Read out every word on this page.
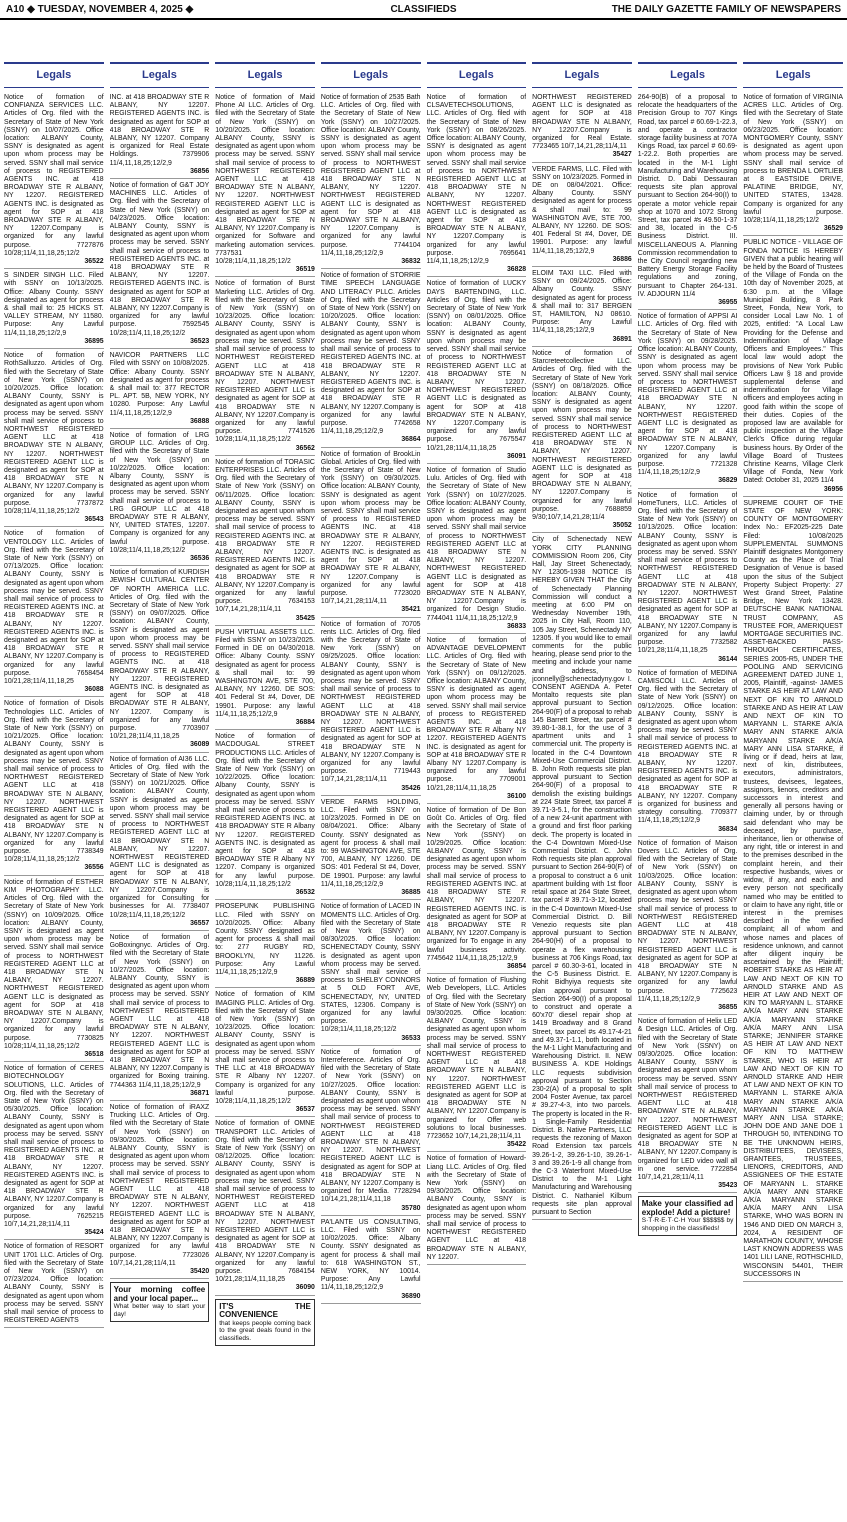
A10 ◆ TUESDAY, NOVEMBER 4, 2025 ◆	CLASSIFIEDS	THE DAILY GAZETTE FAMILY OF NEWSPAPERS
Legals	Legals	Legals	Legals	Legals	Legals	Legals	Legals

Notice of formation of CONFIANZA SERVICES LLC. Articles of Org. filed with the Secretary of State of New York (SSNY) on 10/07/2025. Office location: ALBANY County, SSNY is designated as agent upon whom process may be served. SSNY shall mail service of process to REGISTERED AGENTS INC. at 418 BROADWAY STE R ALBANY, NY 12207. REGISTERED AGENTS INC. is designated as agent for SOP at 418 BROADWAY STE R ALBANY, NY 12207.Company is organized for any lawful purpose. 7727876 10/28;11/4,11,18,25;12/2

36522

S SINDER SINGH LLC. Filed with SSNY on 10/13/2025. Office: Albany County. SSNY designated as agent for process & shall mail to: 25 HICKS ST. VALLEY STREAM, NY 11580. Purpose: Any Lawful 11/4,11,18,25;12/2,9

36895

Notice of formation of RothSalluzzo. Articles of Org. filed with the Secretary of State of New York (SSNY) on 10/20/2025. Office location: ALBANY County, SSNY is designated as agent upon whom process may be served. SSNY shall mail service of process to NORTHWEST REGISTERED AGENT LLC at 418 BROADWAY STE N ALBANY, NY 12207. NORTHWEST REGISTERED AGENT LLC is designated as agent for SOP at 418 BROADWAY STE N ALBANY, NY 12207.Company is organized for any lawful purpose. 7737872 10/28;11/4,11,18,25;12/2

36543

Notice of formation of VENTOLOGY LLC. Articles of Org. filed with the Secretary of State of New York (SSNY) on 07/13/2025. Office location: ALBANY County, SSNY is designated as agent upon whom process may be served. SSNY shall mail service of process to REGISTERED AGENTS INC. at 418 BROADWAY STE R ALBANY, NY 12207. REGISTERED AGENTS INC. is designated as agent for SOP at 418 BROADWAY STE R ALBANY, NY 12207.Company is organized for any lawful purpose. 7658454 10/21,28;11/4,11,18,25

36088

Notice of formation of Disols Technologies LLC. Articles of Org. filed with the Secretary of State of New York (SSNY) on 10/21/2025. Office location: ALBANY County, SSNY is designated as agent upon whom process may be served. SSNY shall mail service of process to NORTHWEST REGISTERED AGENT LLC at 418 BROADWAY STE N ALBANY, NY 12207. NORTHWEST REGISTERED AGENT LLC is designated as agent for SOP at 418 BROADWAY STE N ALBANY, NY 12207.Company is organized for any lawful purpose. 7738349 10/28;11/4,11,18,25;12/2

36556

Notice of formation of ESTHER KIM PHOTOGRAPHY LLC. Articles of Org. filed with the Secretary of State of New York (SSNY) on 10/09/2025. Office location: ALBANY County, SSNY is designated as agent upon whom process may be served. SSNY shall mail service of process to NORTHWEST REGISTERED AGENT LLC at 418 BROADWAY STE N ALBANY, NY 12207. NORTHWEST REGISTERED AGENT LLC is designated as agent for SOP at 418 BROADWAY STE N ALBANY, NY 12207.Company is organized for any lawful purpose. 7730825 10/28;11/4,11,18,25;12/2

36518

Notice of formation of CERES BIOTECHNOLOGY SOLUTIONS, LLC. Articles of Org. filed with the Secretary of State of New York (SSNY) on 05/30/2025. Office location: ALBANY County, SSNY is designated as agent upon whom process may be served. SSNY shall mail service of process to REGISTERED AGENTS INC. at 418 BROADWAY STE R ALBANY, NY 12207. REGISTERED AGENTS INC. is designated as agent for SOP at 418 BROADWAY STE R ALBANY, NY 12207.Company is organized for any lawful purpose. 7625215 10/7,14,21,28;11/4,11

35424

Notice of formation of RESORT UNIT 1701 LLC. Articles of Org. filed with the Secretary of State of New York (SSNY) on 07/23/2024. Office location: ALBANY County, SSNY is designated as agent upon whom process may be served. SSNY shall mail service of process to REGISTERED AGENTS

INC. at 418 BROADWAY STE R ALBANY, NY 12207. REGISTERED AGENTS INC. is designated as agent for SOP at 418 BROADWAY STE R ALBANY, NY 12207. Company is organized for Real Estate Holdings. 7379906 11/4,11,18,25;12/2,9

36856

Notice of formation of G&T JOY MACHINES LLC. Articles of Org. filed with the Secretary of State of New York (SSNY) on 04/23/2025. Office location: ALBANY County, SSNY is designated as agent upon whom process may be served. SSNY shall mail service of process to REGISTERED AGENTS INC. at 418 BROADWAY STE R ALBANY, NY 12207. REGISTERED AGENTS INC. is designated as agent for SOP at 418 BROADWAY STE R ALBANY, NY 12207.Company is organized for any lawful purpose. 7592545 10/28;11/4,11,18,25;12/2

36523

NAVICOR PARTNERS LLC Filed with SSNY on 10/08/2025. Office: Albany County. SSNY designated as agent for process & shall mail to: 377 RECTOR PL. APT. 5B, NEW YORK, NY 10280. Purpose: Any Lawful 11/4,11,18,25;12/2,9

36888

Notice of formation of LRG GROUP LLC. Articles of Org. filed with the Secretary of State of New York (SSNY) on 10/22/2025. Office location: Albany County, SSNY is designated as agent upon whom process may be served. SSNY shall mail service of process to LRG GROUP LLC at 418 BROADWAY STE R ALBANY, NY, UNITED STATES, 12207. Company is organized for any lawful purpose. 10/28;11/4,11,18,25;12/2

36536

Notice of formation of KURDISH JEWISH CULTURAL CENTER OF NORTH AMERICA LLC. Articles of Org. filed with the Secretary of State of New York (SSNY) on 09/07/2025. Office location: ALBANY County, SSNY is designated as agent upon whom process may be served. SSNY shall mail service of process to REGISTERED AGENTS INC. at 418 BROADWAY STE R ALBANY, NY 12207. REGISTERED AGENTS INC. is designated as agent for SOP at 418 BROADWAY STE R ALBANY, NY 12207. Company is organized for any lawful purpose. 7703907 10/21,28;11/4,11,18,25

36089

Notice of formation of AI36 LLC. Articles of Org. filed with the Secretary of State of New York (SSNY) on 10/21/2025. Office location: ALBANY County, SSNY is designated as agent upon whom process may be served. SSNY shall mail service of process to NORTHWEST REGISTERED AGENT LLC at 418 BROADWAY STE N ALBANY, NY 12207. NORTHWEST REGISTERED AGENT LLC is designated as agent for SOP at 418 BROADWAY STE N ALBANY, NY 12207.Company is organized for Consulting for businesses for AI. 7738407 10/28;11/4,11,18,25;12/2

36557

Notice of formation of GoBoxingnyc. Articles of Org. filed with the Secretary of State of New York (SSNY) on 10/27/2025. Office location: ALBANY County, SSNY is designated as agent upon whom process may be served. SSNY shall mail service of process to NORTHWEST REGISTERED AGENT LLC at 418 BROADWAY STE N ALBANY, NY 12207. NORTHWEST REGISTERED AGENT LLC is designated as agent for SOP at 418 BROADWAY STE N ALBANY, NY 12207.Company is organized for Boxing training. 7744363 11/4,11,18,25;12/2,9

36871

Notice of formation of iRAXZ Trucking LLC. Articles of Org. filed with the Secretary of State of New York (SSNY) on 09/30/2025. Office location: ALBANY County, SSNY is designated as agent upon whom process may be served. SSNY shall mail service of process to NORTHWEST REGISTERED AGENT LLC at 418 BROADWAY STE N ALBANY, NY 12207. NORTHWEST REGISTERED AGENT LLC is designated as agent for SOP at 418 BROADWAY STE N ALBANY, NY 12207.Company is organized for any lawful purpose. 7723026 10/7,14,21,28;11/4,11

35420
Your morning coffee and your local paper...
What better way to start your day!

Notice of formation of Maid Phone AI LLC. Articles of Org. filed with the Secretary of State of New York (SSNY) on 10/20/2025. Office location: ALBANY County, SSNY is designated as agent upon whom process may be served. SSNY shall mail service of process to NORTHWEST REGISTERED AGENT LLC at 418 BROADWAY STE N ALBANY, NY 12207. NORTHWEST REGISTERED AGENT LLC is designated as agent for SOP at 418 BROADWAY STE N ALBANY, NY 12207.Company is organized for Software and marketing automation services. 7737531 10/28;11/4,11,18,25;12/2

36519

Notice of formation of Burst Marketing LLC. Articles of Org. filed with the Secretary of State of New York (SSNY) on 10/23/2025. Office location: ALBANY County, SSNY is designated as agent upon whom process may be served. SSNY shall mail service of process to NORTHWEST REGISTERED AGENT LLC at 418 BROADWAY STE N ALBANY, NY 12207. NORTHWEST REGISTERED AGENT LLC is designated as agent for SOP at 418 BROADWAY STE N ALBANY, NY 12207.Company is organized for any lawful purpose. 7741526 10/28;11/4,11,18,25;12/2

36562

Notice of formation of TORASIC ENTERPRISES LLC. Articles of Org. filed with the Secretary of State of New York (SSNY) on 06/11/2025. Office location: ALBANY County, SSNY is designated as agent upon whom process may be served. SSNY shall mail service of process to REGISTERED AGENTS INC. at 418 BROADWAY STE R ALBANY, NY 12207. REGISTERED AGENTS INC. is designated as agent for SOP at 418 BROADWAY STE R ALBANY, NY 12207.Company is organized for any lawful purpose. 7634153 10/7,14,21,28;11/4,11

35425

PUSH VIRTUAL ASSETS LLC. Filed with SSNY on 10/23/2025. Formed in DE on 04/30/2018. Office: Albany County. SSNY designated as agent for process & shall mail to: 99 WASHINGTON AVE, STE 700, ALBANY, NY 12260. DE SOS: 401 Federal St #4, Dover, DE 19901. Purpose: any lawful 11/4,11,18,25;12/2,9

36884

Notice of formation of MACDOUGAL STREET PRODUCTIONS LLC. Articles of Org. filed with the Secretary of State of New York (SSNY) on 10/22/2025. Office location: Albany County, SSNY is designated as agent upon whom process may be served. SSNY shall mail service of process to REGISTERED AGENTS INC. at 418 BROADWAY STE R Albany NY 12207. REGISTERED AGENTS INC. is designated as agent for SOP at 418 BROADWAY STE R Albany NY 12207. Company is organized for any lawful purpose. 10/28;11/4,11,18,25;12/2

36532

PROSEPUNK PUBLISHING LLC. Filed with SSNY on 10/20/2025. Office: Albany County. SSNY designated as agent for process & shall mail to: 277 RUGBY RD, BROOKLYN, NY 11226. Purpose: Any Lawful 11/4,11,18,25;12/2,9

36889

Notice of formation of KIM IMAGING PLLC. Articles of Org. filed with the Secretary of State of New York (SSNY) on 10/23/2025. Office location: ALBANY County, SSNY is designated as agent upon whom process may be served. SSNY shall mail service of process to THE LLC at 418 BROADWAY STE R Albany NY 12207. Company is organized for any lawful purpose. 10/28;11/4,11,18,25;12/2

36537

Notice of formation of OMNE TRANSPORT LLC. Articles of Org. filed with the Secretary of State of New York (SSNY) on 08/12/2025. Office location: ALBANY County, SSNY is designated as agent upon whom process may be served. SSNY shall mail service of process to NORTHWEST REGISTERED AGENT LLC at 418 BROADWAY STE N ALBANY, NY 12207. NORTHWEST REGISTERED AGENT LLC is designated as agent for SOP at 418 BROADWAY STE N ALBANY, NY 12207.Company is organized for any lawful purpose. 7684154 10/21,28;11/4,11,18,25

36090
IT'S THE CONVENIENCE
that keeps people coming back to the great deals found in the classifieds.

Notice of formation of 2535 Bath LLC. Articles of Org. filed with the Secretary of State of New York (SSNY) on 10/27/2025. Office location: ALBANY County, SSNY is designated as agent upon whom process may be served. SSNY shall mail service of process to NORTHWEST REGISTERED AGENT LLC at 418 BROADWAY STE N ALBANY, NY 12207. NORTHWEST REGISTERED AGENT LLC is designated as agent for SOP at 418 BROADWAY STE N ALBANY, NY 12207.Company is organized for any lawful purpose. 7744104 11/4,11,18,25;12/2,9

36832

Notice of formation of STORRIE TIME SPEECH LANGUAGE AND LITERACY PLLC. Articles of Org. filed with the Secretary of State of New York (SSNY) on 10/20/2025. Office location: ALBANY County, SSNY is designated as agent upon whom process may be served. SSNY shall mail service of process to REGISTERED AGENTS INC. at 418 BROADWAY STE R ALBANY, NY 12207. REGISTERED AGENTS INC. is designated as agent for SOP at 418 BROADWAY STE R ALBANY, NY 12207.Company is organized for any lawful purpose. 7742658 11/4,11,18,25;12/2,9

36864

Notice of formation of BrookLin Global. Articles of Org. filed with the Secretary of State of New York (SSNY) on 09/30/2025. Office location: ALBANY County, SSNY is designated as agent upon whom process may be served. SSNY shall mail service of process to REGISTERED AGENTS INC. at 418 BROADWAY STE R ALBANY, NY 12207. REGISTERED AGENTS INC. is designated as agent for SOP at 418 BROADWAY STE R ALBANY, NY 12207.Company is organized for any lawful purpose. 7723020 10/7,14,21,28;11/4,11

35421

Notice of formation of 70705 rents LLC. Articles of Org. filed with the Secretary of State of New York (SSNY) on 09/25/2025. Office location: ALBANY County, SSNY is designated as agent upon whom process may be served. SSNY shall mail service of process to NORTHWEST REGISTERED AGENT LLC at 418 BROADWAY STE N ALBANY, NY 12207. NORTHWEST REGISTERED AGENT LLC is designated as agent for SOP at 418 BROADWAY STE N ALBANY, NY 12207.Company is organized for any lawful purpose. 7719443 10/7,14,21,28;11/4,11

35426

VERDE FARMS HOLDING, LLC. Filed with SSNY on 10/23/2025. Formed in DE on 08/04/2021. Office: Albany County. SSNY designated as agent for process & shall mail to: 99 WASHINGTON AVE, STE 700, ALBANY, NY 12260. DE SOS: 401 Federal St #4, Dover, DE 19901. Purpose: any lawful 11/4,11,18,25;12/2,9

36885

Notice of formation of LACED IN MOMENTS LLC. Articles of Org. filed with the Secretary of State of New York (SSNY) on 08/30/2025. Office location: SCHENECTADY County, SSNY is designated as agent upon whom process may be served. SSNY shall mail service of process to SHELBY CONNORS at 5 OLD FORT AVE, SCHENECTADY, NY, UNITED STATES, 12306. Company is organized for any lawful purpose. 10/28;11/4,11,18,25;12/2

36533

Notice of formation of Interreference. Articles of Org. filed with the Secretary of State of New York (SSNY) on 10/27/2025. Office location: ALBANY County, SSNY is designated as agent upon whom process may be served. SSNY shall mail service of process to NORTHWEST REGISTERED AGENT LLC at 418 BROADWAY STE N ALBANY, NY 12207. NORTHWEST REGISTERED AGENT LLC is designated as agent for SOP at 418 BROADWAY STE N ALBANY, NY 12207.Company is organized for Media. 7728294 10/14,21,28;11/4,11,18

35780

PA'LANTE US CONSULTING, LLC. Filed with SSNY on 10/02/2025. Office: Albany County. SSNY designated as agent for process & shall mail to: 618 WASHINGTON ST., NEW YORK, NY 10014. Purpose: Any Lawful 11/4,11,18,25;12/2,9

36890

Notice of formation of CLSAVETECHSOLUTIONS, LLC. Articles of Org. filed with the Secretary of State of New York (SSNY) on 08/26/2025. Office location: ALBANY County, SSNY is designated as agent upon whom process may be served. SSNY shall mail service of process to NORTHWEST REGISTERED AGENT LLC at 418 BROADWAY STE N ALBANY, NY 12207. NORTHWEST REGISTERED AGENT LLC is designated as agent for SOP at 418 BROADWAY STE N ALBANY, NY 12207.Company is organized for any lawful purpose. 7695641 11/4,11,18,25;12/2,9

36828

Notice of formation of LUCKY DAYS BARTENDING, LLC. Articles of Org. filed with the Secretary of State of New York (SSNY) on 08/01/2025. Office location: ALBANY County, SSNY is designated as agent upon whom process may be served. SSNY shall mail service of process to NORTHWEST REGISTERED AGENT LLC at 418 BROADWAY STE N ALBANY, NY 12207. NORTHWEST REGISTERED AGENT LLC is designated as agent for SOP at 418 BROADWAY STE N ALBANY, NY 12207.Company is organized for any lawful purpose. 7675547 10/21,28;11/4,11,18,25

36091

Notice of formation of Studio Lulu. Articles of Org. filed with the Secretary of State of New York (SSNY) on 10/27/2025. Office location: ALBANY County, SSNY is designated as agent upon whom process may be served. SSNY shall mail service of process to NORTHWEST REGISTERED AGENT LLC at 418 BROADWAY STE N ALBANY, NY 12207. NORTHWEST REGISTERED AGENT LLC is designated as agent for SOP at 418 BROADWAY STE N ALBANY, NY 12207.Company is organized for Design Studio. 7744041 11/4,11,18,25;12/2,9

36833

Notice of formation of ADVANTAGE DEVELOPMENT LLC. Articles of Org. filed with the Secretary of State of New York (SSNY) on 09/12/2025. Office location: ALBANY County, SSNY is designated as agent upon whom process may be served. SSNY shall mail service of process to REGISTERED AGENTS INC. at 418 BROADWAY STE R Albany NY 12207. REGISTERED AGENTS INC. is designated as agent for SOP at 418 BROADWAY STE R Albany NY 12207.Company is organized for any lawful purpose. 7709001 10/21,28;11/4,11,18,25

36100

Notice of formation of De Bon Goût Co. Articles of Org. filed with the Secretary of State of New York (SSNY) on 10/29/2025. Office location: ALBANY County, SSNY is designated as agent upon whom process may be served. SSNY shall mail service of process to REGISTERED AGENTS INC. at 418 BROADWAY STE R ALBANY, NY 12207. REGISTERED AGENTS INC. is designated as agent for SOP at 418 BROADWAY STE R ALBANY, NY 12207.Company is organized for To engage in any lawful business activity. 7745642 11/4,11,18,25;12/2,9

36854

Notice of formation of Flushing Web Developers, LLC. Articles of Org. filed with the Secretary of State of New York (SSNY) on 09/30/2025. Office location: ALBANY County, SSNY is designated as agent upon whom process may be served. SSNY shall mail service of process to NORTHWEST REGISTERED AGENT LLC at 418 BROADWAY STE N ALBANY, NY 12207. NORTHWEST REGISTERED AGENT LLC is designated as agent for SOP at 418 BROADWAY STE N ALBANY, NY 12207.Company is organized for Offer web solutions to local businesses. 7723652 10/7,14,21,28;11/4,11

35422

Notice of formation of Howard-Liang LLC. Articles of Org. filed with the Secretary of State of New York (SSNY) on 09/30/2025. Office location: ALBANY County, SSNY is designated as agent upon whom process may be served. SSNY shall mail service of process to NORTHWEST REGISTERED AGENT LLC at 418 BROADWAY STE N ALBANY, NY 12207.

NORTHWEST REGISTERED AGENT LLC is designated as agent for SOP at 418 BROADWAY STE N ALBANY, NY 12207.Company is organized for Real Estate. 7723465 10/7,14,21,28;11/4,11

35427

VERDE FARMS, LLC. Filed with SSNY on 10/23/2025. Formed in DE on 08/04/2021. Office: Albany County. SSNY designated as agent for process & shall mail to: 99 WASHINGTON AVE, STE 700, ALBANY, NY 12260. DE SOS: 401 Federal St #4, Dover, DE 19901. Purpose: any lawful 11/4,11,18,25;12/2,9

36886

ELOIM TAXI LLC. Filed with SSNY on 09/24/2025. Office: Albany County. SSNY designated as agent for process & shall mail to: 317 BERGEN ST, HAMILTON, NJ 08610. Purpose: Any Lawful 11/4,11,18,25;12/2,9

36891

Notice of formation of Starcreteetcollective LLC. Articles of Org. filed with the Secretary of State of New York (SSNY) on 08/18/2025. Office location: ALBANY County, SSNY is designated as agent upon whom process may be served. SSNY shall mail service of process to NORTHWEST REGISTERED AGENT LLC at 418 BROADWAY STE N ALBANY, NY 12207. NORTHWEST REGISTERED AGENT LLC is designated as agent for SOP at 418 BROADWAY STE N ALBANY, NY 12207.Company is organized for any lawful purpose. 7688859 9/30;10/7,14,21,28;11/4

35052

City of Schenectady NEW YORK CITY PLANNING COMMISSION Room 206, City Hall, Jay Street Schenectady, NY 12305-1938 NOTICE IS HEREBY GIVEN THAT the City of Schenectady Planning Commission will conduct a meeting at 6:00 PM on Wednesday November 19th, 2025 in City Hall, Room 110, 105 Jay Street, Schenectady NY 12305. If you would like to email comments for the public hearing, please send prior to the meeting and include your name and address, to jconnelly@schenectadyny.gov I. CONSENT AGENDA A. Peter Montalto requests site plan approval pursuant to Section 264-90(F) of a proposal to rehab 145 Barrett Street, tax parcel # 39.80-1-38.1, for the use of 3 apartment units and 1 commercial unit. The property is located in the C-4 Downtown Mixed-Use Commercial District. B. John Roth requests site plan approval pursuant to Section 264-90(F) of a proposal to demolish the existing buildings at 224 State Street, tax parcel # 39.71-3-5.1, for the construction of a new 24-unit apartment with a ground and first floor parking deck. The property is located in the C-4 Downtown Mixed-Use Commercial District. C. John Roth requests site plan approval pursuant to Section 264-90(F) of a proposal to construct a 6 unit apartment building with 1st floor retail space at 264 State Street, tax parcel # 39.71-3-12, located in the C-4 Downtown Mixed-Use Commercial District. D. Bill Venezio requests site plan approval pursuant to Section 264-90(H) of a proposal to operate a flex warehousing business at 706 Kings Road, tax parcel # 60.30-3-61, located in the C-5 Business District. E. Rohit Bidhyiya requests site plan approval pursuant to Section 264-90(I) of a proposal to construct and operate a 60'x70' diesel repair shop at 1419 Broadway and 8 Grand Street, tax parcel #s 49.17-4-21 and 49.37-1-1.1, both located in the M-1 Light Manufacturing and Warehousing District. II. NEW BUSINESS A. KDE Holdings LLC requests subdivision approval pursuant to Section 230-2(A) of a proposal to split 2004 Foster Avenue, tax parcel # 39.27-4-3, into two parcels. The property is located in the R-1 Single-Family Residential District. B. Native Partners, LLC requests the rezoning of Maxon Road Extension tax parcels 39.26-1-2, 39.26-1-10, 39.26-1-3 and 39.26-1-9 all change from the C-3 Waterfront Mixed-Use District to the M-1 Light Manufacturing and Warehousing District. C. Nathaniel Kilburn requests site plan approval pursuant to Section

264-90(B) of a proposal to relocate the headquarters of the Precision Group to 707 Kings Road, tax parcel # 60.69-1-22.3, and operate a contractor storage facility business at 707A Kings Road, tax parcel # 60.69-1-22.2. Both properties are located in the M-1 Light Manufacturing and Warehousing District. D. Dabi Dessauran requests site plan approval pursuant to Section 264-90(I) to operate a motor vehicle repair shop at 1070 and 1072 Strong Street, tax parcel #s 49.50-1-37 and 38, located in the C-5 Business District. III. MISCELLANEOUS A. Planning Commission recommendation to the City Council regarding new Battery Energy Storage Facility regulations and zoning, pursuant to Chapter 264-131. IV. ADJOURN 11/4

36955

Notice of formation of APPSI AI LLC. Articles of Org. filed with the Secretary of State of New York (SSNY) on 09/28/2025. Office location: ALBANY County, SSNY is designated as agent upon whom process may be served. SSNY shall mail service of process to NORTHWEST REGISTERED AGENT LLC at 418 BROADWAY STE N ALBANY, NY 12207. NORTHWEST REGISTERED AGENT LLC is designated as agent for SOP at 418 BROADWAY STE N ALBANY, NY 12207.Company is organized for any lawful purpose. 7721328 11/4,11,18,25;12/2,9

36829

Notice of formation of HomeTuners, LLC. Articles of Org. filed with the Secretary of State of New York (SSNY) on 10/13/2025. Office location: ALBANY County, SSNY is designated as agent upon whom process may be served. SSNY shall mail service of process to NORTHWEST REGISTERED AGENT LLC at 418 BROADWAY STE N ALBANY, NY 12207. NORTHWEST REGISTERED AGENT LLC is designated as agent for SOP at 418 BROADWAY STE N ALBANY, NY 12207.Company is organized for any lawful purpose. 7732582 10/21,28;11/4,11,18,25

36144

Notice of formation of MEDINA CAMISCOLI LLC. Articles of Org. filed with the Secretary of State of New York (SSNY) on 09/12/2025. Office location: ALBANY County, SSNY is designated as agent upon whom process may be served. SSNY shall mail service of process to REGISTERED AGENTS INC. at 418 BROADWAY STE R ALBANY, NY 12207. REGISTERED AGENTS INC. is designated as agent for SOP at 418 BROADWAY STE R ALBANY, NY 12207. Company is organized for business and strategy consulting. 7709377 11/4,11,18,25;12/2,9

36834

Notice of formation of Maison Dovers LLC. Articles of Org. filed with the Secretary of State of New York (SSNY) on 10/03/2025. Office location: ALBANY County, SSNY is designated as agent upon whom process may be served. SSNY shall mail service of process to NORTHWEST REGISTERED AGENT LLC at 418 BROADWAY STE N ALBANY, NY 12207. NORTHWEST REGISTERED AGENT LLC is designated as agent for SOP at 418 BROADWAY STE N ALBANY, NY 12207.Company is organized for any lawful purpose. 7725623 11/4,11,18,25;12/2,9

36855

Notice of formation of Helix LED & Design LLC. Articles of Org. filed with the Secretary of State of New York (SSNY) on 09/30/2025. Office location: ALBANY County, SSNY is designated as agent upon whom process may be served. SSNY shall mail service of process to NORTHWEST REGISTERED AGENT LLC at 418 BROADWAY STE N ALBANY, NY 12207. NORTHWEST REGISTERED AGENT LLC is designated as agent for SOP at 418 BROADWAY STE N ALBANY, NY 12207.Company is organized for LED video wall all in one service. 7722854 10/7,14,21,28;11/4,11

35423
Make your classified ad explode! Add a picture!
S·T·R·E·T·C·H Your $$$$$$ by shopping in the classifieds!

Notice of formation of VIRGINIA ACRES LLC. Articles of Org. filed with the Secretary of State of New York (SSNY) on 06/23/2025. Office location: MONTGOMERY County, SSNY is designated as agent upon whom process may be served. SSNY shall mail service of process to BRENDA L ORTLIEB at 8 EASTSIDE DRIVE, PALATINE BRIDGE, NY, UNITED STATES, 13428. Company is organized for any lawful purpose. 10/28;11/4,11,18,25;12/2

36529

PUBLIC NOTICE - VILLAGE OF FONDA NOTICE IS HEREBY GIVEN that a public hearing will be held by the Board of Trustees of the Village of Fonda on the 10th day of November 2025, at 6:30 p.m. at the Village Municipal Building, 8 Park Street, Fonda, New York, to consider Local Law No. 1 of 2025, entitled: "A Local Law Providing for the Defense and Indemnification of Village Officers and Employees." This local law would adopt the provisions of New York Public Officers Law § 18 and provide supplemental defense and indemnification for Village officers and employees acting in good faith within the scope of their duties. Copies of the proposed law are available for public inspection at the Village Clerk's Office during regular business hours. By Order of the Village Board of Trustees Christine Kearns, Village Clerk Village of Fonda, New York Dated: October 31, 2025 11/4

36956

SUPREME COURT OF THE STATE OF NEW YORK: COUNTY OF MONTGOMERY Index No.: EF2025-225 Date Filed: 10/08/2025 SUPPLEMENTAL SUMMONS Plaintiff designates Montgomery County as the Place of Trial Designation of Venue is based upon the situs of the Subject Property Subject Property: 27 West Grand Street, Palatine Bridge, New York 13428. DEUTSCHE BANK NATIONAL TRUST COMPANY, AS TRUSTEE FOR, AMERIQUEST MORTGAGE SECURITIES INC. ASSET-BACKED PASS-THROUGH CERTIFICATES, SERIES 2005-R5, UNDER THE POOLING AND SERVICING AGREEMENT DATED JUNE 1, 2005, Plaintiff, -against- JAMES STARKE AS HEIR AT LAW AND NEXT OF KIN TO ARNOLD STARKE AND AS HEIR AT LAW AND NEXT OF KIN TO MARYANN L. STARKE A/K/A MARY ANN STARKE A/K/A MARYANN STARKE A/K/A MARY ANN LISA STARKE, if living or if dead, heirs at law, next of kin, distributees, executors, administrators, trustees, devisees, legatees, assignors, lienors, creditors and successors in interest and generally all persons having or claiming under, by or through said defendant who may be deceased, by purchase, inheritance, lien or otherwise of any right, title or interest in and to the premises described in the complaint herein, and their respective husbands, wives or widow, if any, and each and every person not specifically named who may be entitled to or claim to have any right, title or interest in the premises described in the verified complaint; all of whom and whose names and places of residence unknown, and cannot after diligent inquiry be ascertained by the Plaintiff; ROBERT STARKE AS HEIR AT LAW AND NEXT OF KIN TO ARNOLD STARKE AND AS HEIR AT LAW AND NEXT OF KIN TO MARYANN L. STARKE A/K/A MARY ANN STARKE A/K/A MARYANN STARKE A/K/A MARY ANN LISA STARKE; JENNIFER STARKE AS HEIR AT LAW AND NEXT OF KIN TO MATTHEW STARKE, WHO IS HEIR AT LAW AND NEXT OF KIN TO ARNOLD STARKE AND HEIR AT LAW AND NEXT OF KIN TO MARYANN L. STARKE A/K/A MARY ANN STARKE A/K/A MARYANN STARKE A/K/A MARY ANN LISA STARKE; JOHN DOE AND JANE DOE 1 THROUGH 50, INTENDING TO BE THE UNKNOWN HEIRS, DISTRIBUTEES, DEVISEES, GRANTEES, TRUSTEES, LIENORS, CREDITORS, AND ASSIGNEES OF THE ESTATE OF MARYANN L. STARKE A/K/A MARY ANN STARKE A/K/A MARYANN STARKE A/K/A MARY ANN LISA STARKE, WHO WAS BORN IN 1946 AND DIED ON MARCH 3, 2024, A RESIDENT OF MARATHON COUNTY, WHOSE LAST KNOWN ADDRESS WAS 1401 LILI LANE, ROTHSCHILD, WISCONSIN 54401, THEIR SUCCESSORS IN
